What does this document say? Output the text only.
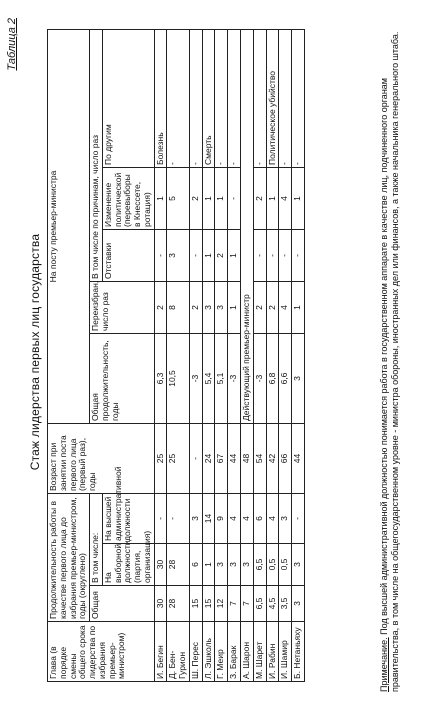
Таблица 2
Стаж лидерства первых лиц государства
Глава (в порядке смены общего срока лидерства по избрания премьер-министром)	Продолжительность работы в качестве первого лица до избрания премьер-министром, годы (округлено)			Возраст при занятии поста первого лица (первый раз), годы	На посту премьер-министра				
	Общая	В том числе:			Общая продолжительность, годы	Переизбран, число раз	В том числе по причинам, число раз		
		На выборной должности (партия, организация)	На высшей административной должности				Отставки	Изменение политической (перевыборы в Кнессете, ротация)	По другим
И. Бегин	30	30	-	25	6,3	2	-	1	Болезнь
Д. Бен-Гурион	28	28	-	25	10,5	8	3	5	-
Ш. Перес	15	6	3	-	-3	2	-	2	-
Л. Эшколь	15	1	14	24	5,4	3	1	1	Смерть
Г. Меир	12	3	9	67	5,1	3	2	1	-
З. Барак	7	3	4	44	-3	1	1	-	-
А. Шарон	7	3	4	48	Действующий премьер-министр				
М. Шарет	6,5	6,5	6	54	-3	2	-	2	-
И. Рабин	4,5	0,5	4	42	6,8	2	-	1	Политическое убийство
И. Шамир	3,5	0,5	3	66	6,6	4	-	4	-
Б. Нетаньяху	3	3	-	44	3	1	-	1	-
Примечание. Под высшей административной должностью понимается работа в государственном аппарате в качестве лиц, подчиненного органам правительства, в том числе на общегосударственном уровне - министра обороны, иностранных дел или финансов, а также начальника генерального штаба.
